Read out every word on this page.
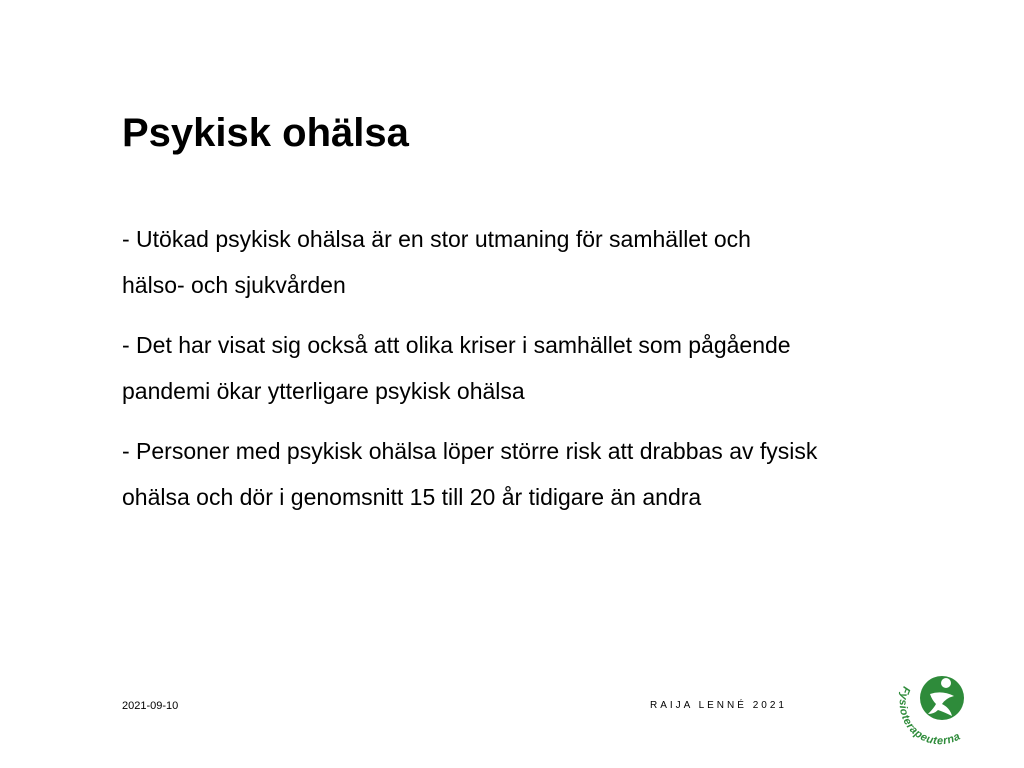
Psykisk ohälsa
- Utökad psykisk ohälsa är en stor utmaning för samhället och
hälso- och sjukvården
- Det har visat sig också att olika kriser i samhället som pågående
pandemi ökar ytterligare psykisk ohälsa
- Personer med psykisk ohälsa löper större risk att drabbas av fysisk
ohälsa och dör i genomsnitt 15 till 20 år tidigare än andra
2021-09-10	RAIJA LENNÉ 2021
Fysioterapeuterna
